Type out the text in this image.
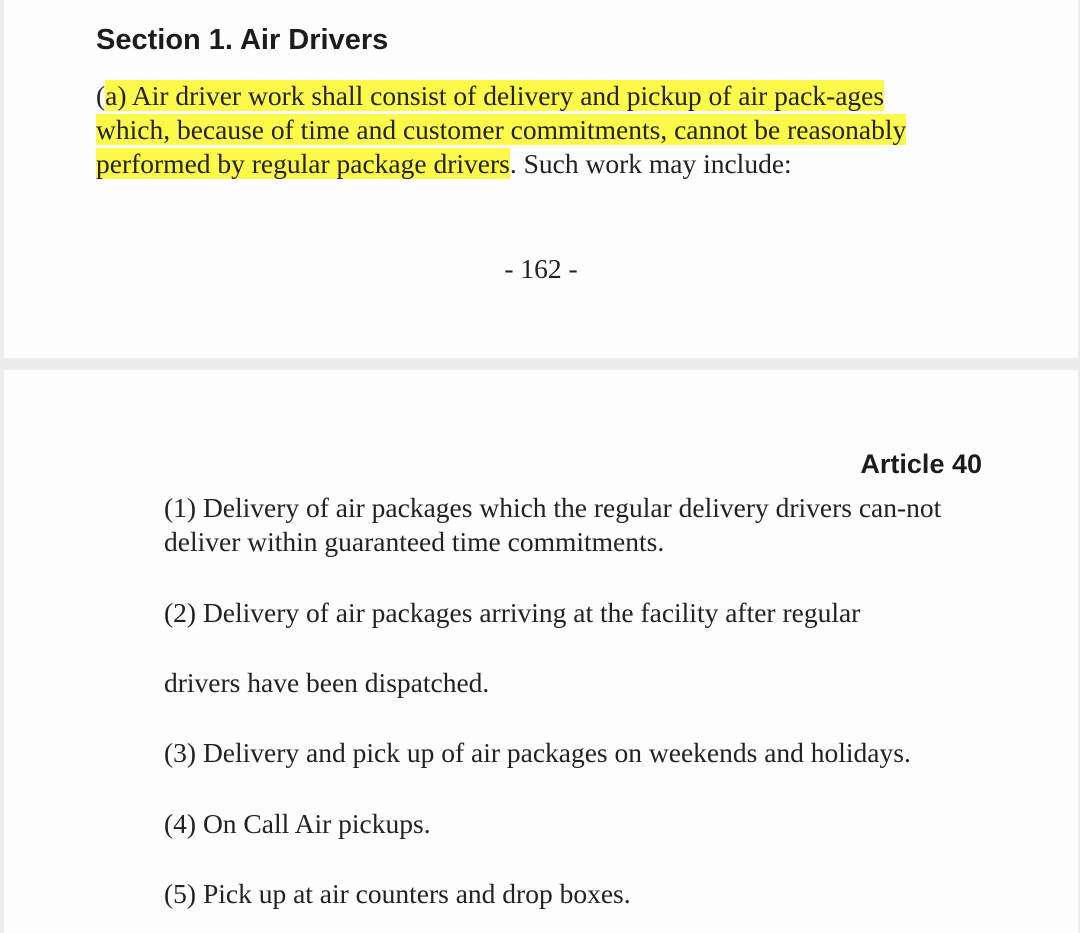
Section 1. Air Drivers

(a) Air driver work shall consist of delivery and pickup of air pack-ages which, because of time and customer commitments, cannot be reasonably performed by regular package drivers. Such work may include:

- 162 -
Article 40

(1) Delivery of air packages which the regular delivery drivers can-not deliver within guaranteed time commitments.

(2) Delivery of air packages arriving at the facility after regular

drivers have been dispatched.

(3) Delivery and pick up of air packages on weekends and holidays.

(4) On Call Air pickups.

(5) Pick up at air counters and drop boxes.
